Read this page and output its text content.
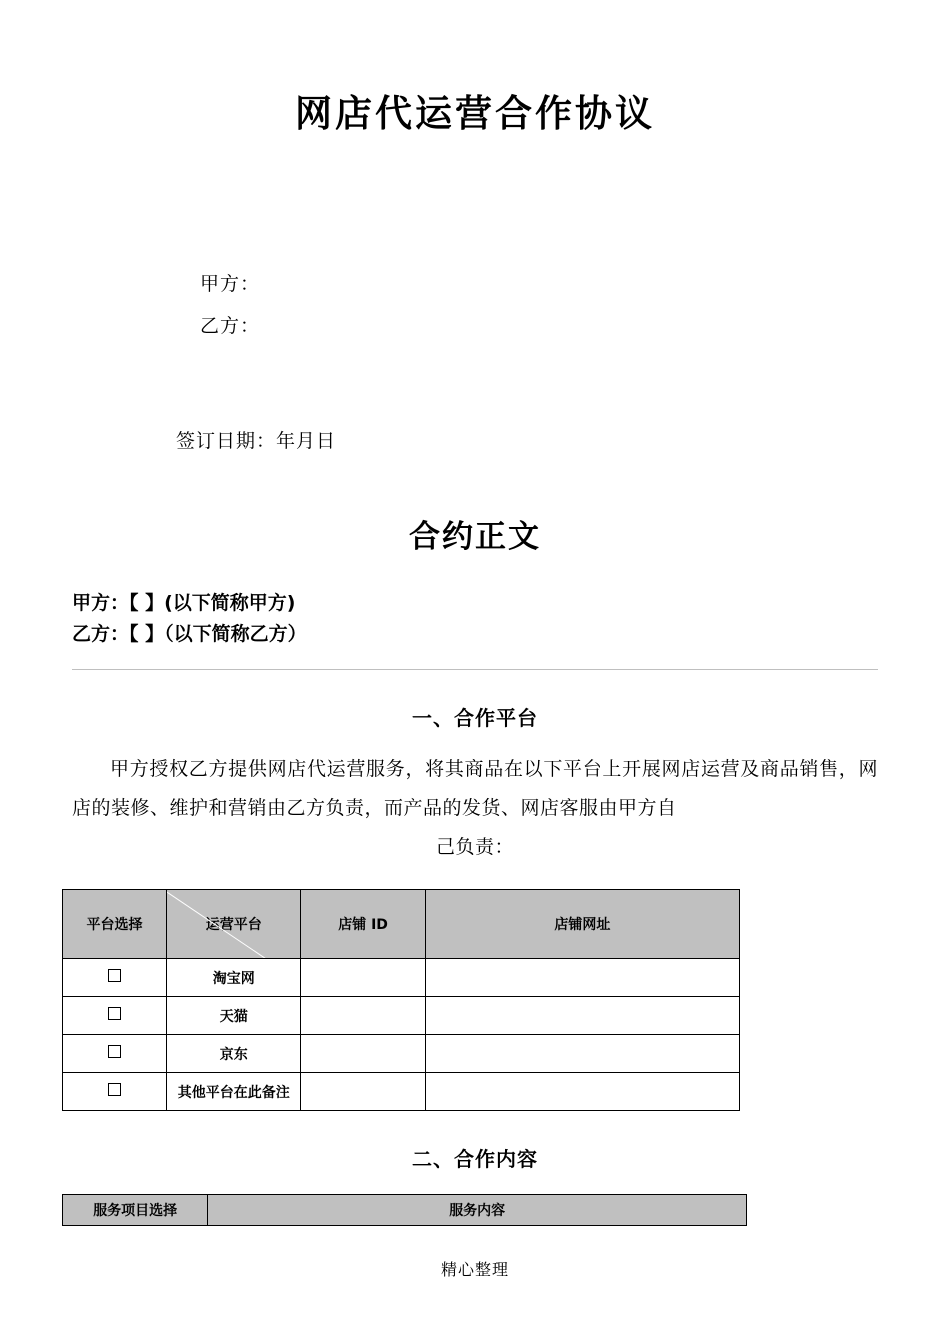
网店代运营合作协议
甲方：
乙方：
签订日期：年月日
合约正文
甲方：【 】(以下简称甲方)
乙方：【 】（以下简称乙方）
一、合作平台
甲方授权乙方提供网店代运营服务，将其商品在以下平台上开展网店运营及商品销售，网店的装修、维护和营销由乙方负责，而产品的发货、网店客服由甲方自
己负责：
平台选择	运营平台	店铺 ID	店铺网址
	淘宝网		
	天猫		
	京东		
	其他平台在此备注		
二、合作内容
服务项目选择	服务内容
精心整理
